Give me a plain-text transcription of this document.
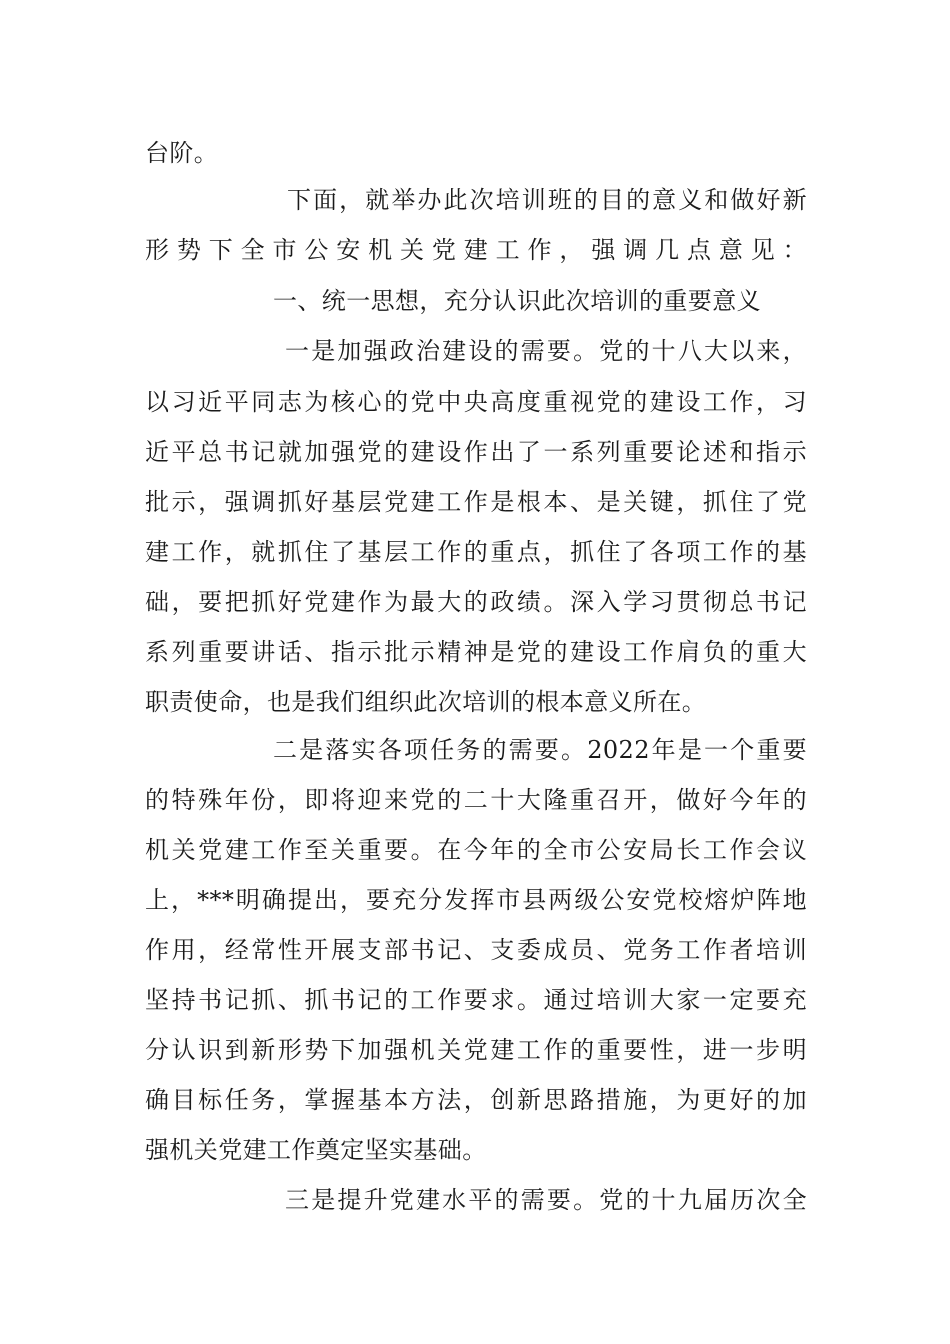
台阶。
下面，就举办此次培训班的目的意义和做好新
形势下全市公安机关党建工作，强调几点意见：
一、统一思想，充分认识此次培训的重要意义
一是加强政治建设的需要。党的十八大以来，
以习近平同志为核心的党中央高度重视党的建设工作，习
近平总书记就加强党的建设作出了一系列重要论述和指示
批示，强调抓好基层党建工作是根本、是关键，抓住了党
建工作，就抓住了基层工作的重点，抓住了各项工作的基
础，要把抓好党建作为最大的政绩。深入学习贯彻总书记
系列重要讲话、指示批示精神是党的建设工作肩负的重大
职责使命，也是我们组织此次培训的根本意义所在。
二是落实各项任务的需要。2022年是一个重要
的特殊年份，即将迎来党的二十大隆重召开，做好今年的
机关党建工作至关重要。在今年的全市公安局长工作会议
上，***明确提出，要充分发挥市县两级公安党校熔炉阵地
作用，经常性开展支部书记、支委成员、党务工作者培训
坚持书记抓、抓书记的工作要求。通过培训大家一定要充
分认识到新形势下加强机关党建工作的重要性，进一步明
确目标任务，掌握基本方法，创新思路措施，为更好的加
强机关党建工作奠定坚实基础。
三是提升党建水平的需要。党的十九届历次全
